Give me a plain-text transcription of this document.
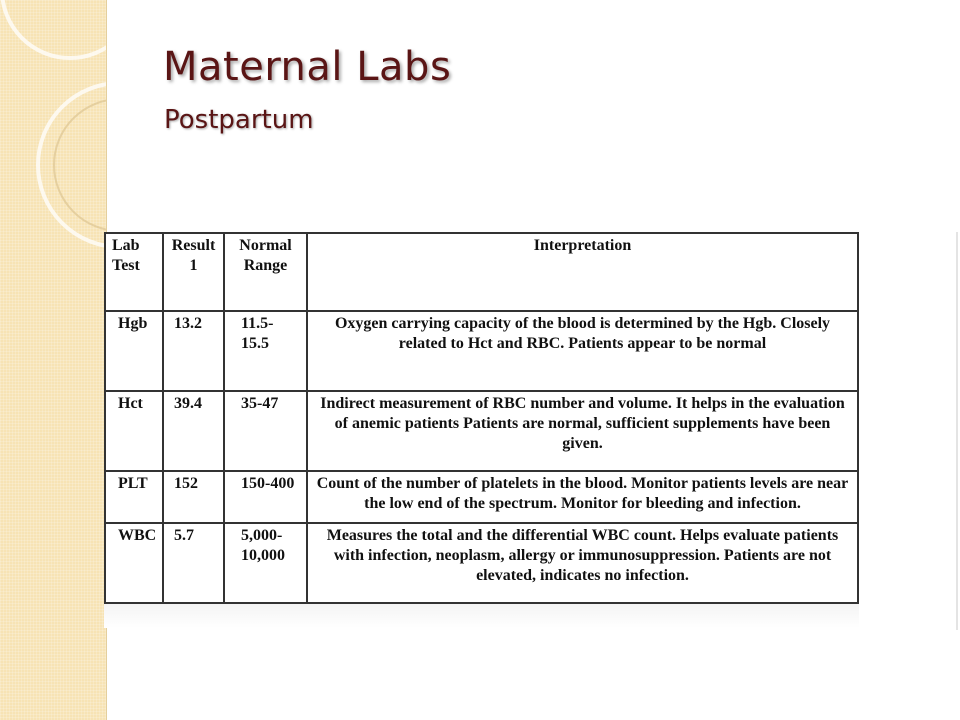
Maternal Labs
Postpartum
Lab Test	Result 1	Normal Range	Interpretation
Hgb	13.2	11.5-15.5	Oxygen carrying capacity of the blood is determined by the Hgb. Closely related to Hct and RBC. Patients appear to be normal
Hct	39.4	35-47	Indirect measurement of RBC number and volume. It helps in the evaluation of anemic patients Patients are normal, sufficient supplements have been given.
PLT	152	150-400	Count of the number of platelets in the blood. Monitor patients levels are near the low end of the spectrum. Monitor for bleeding and infection.
WBC	5.7	5,000-10,000	Measures the total and the differential WBC count. Helps evaluate patients with infection, neoplasm, allergy or immunosuppression. Patients are not elevated, indicates no infection.
